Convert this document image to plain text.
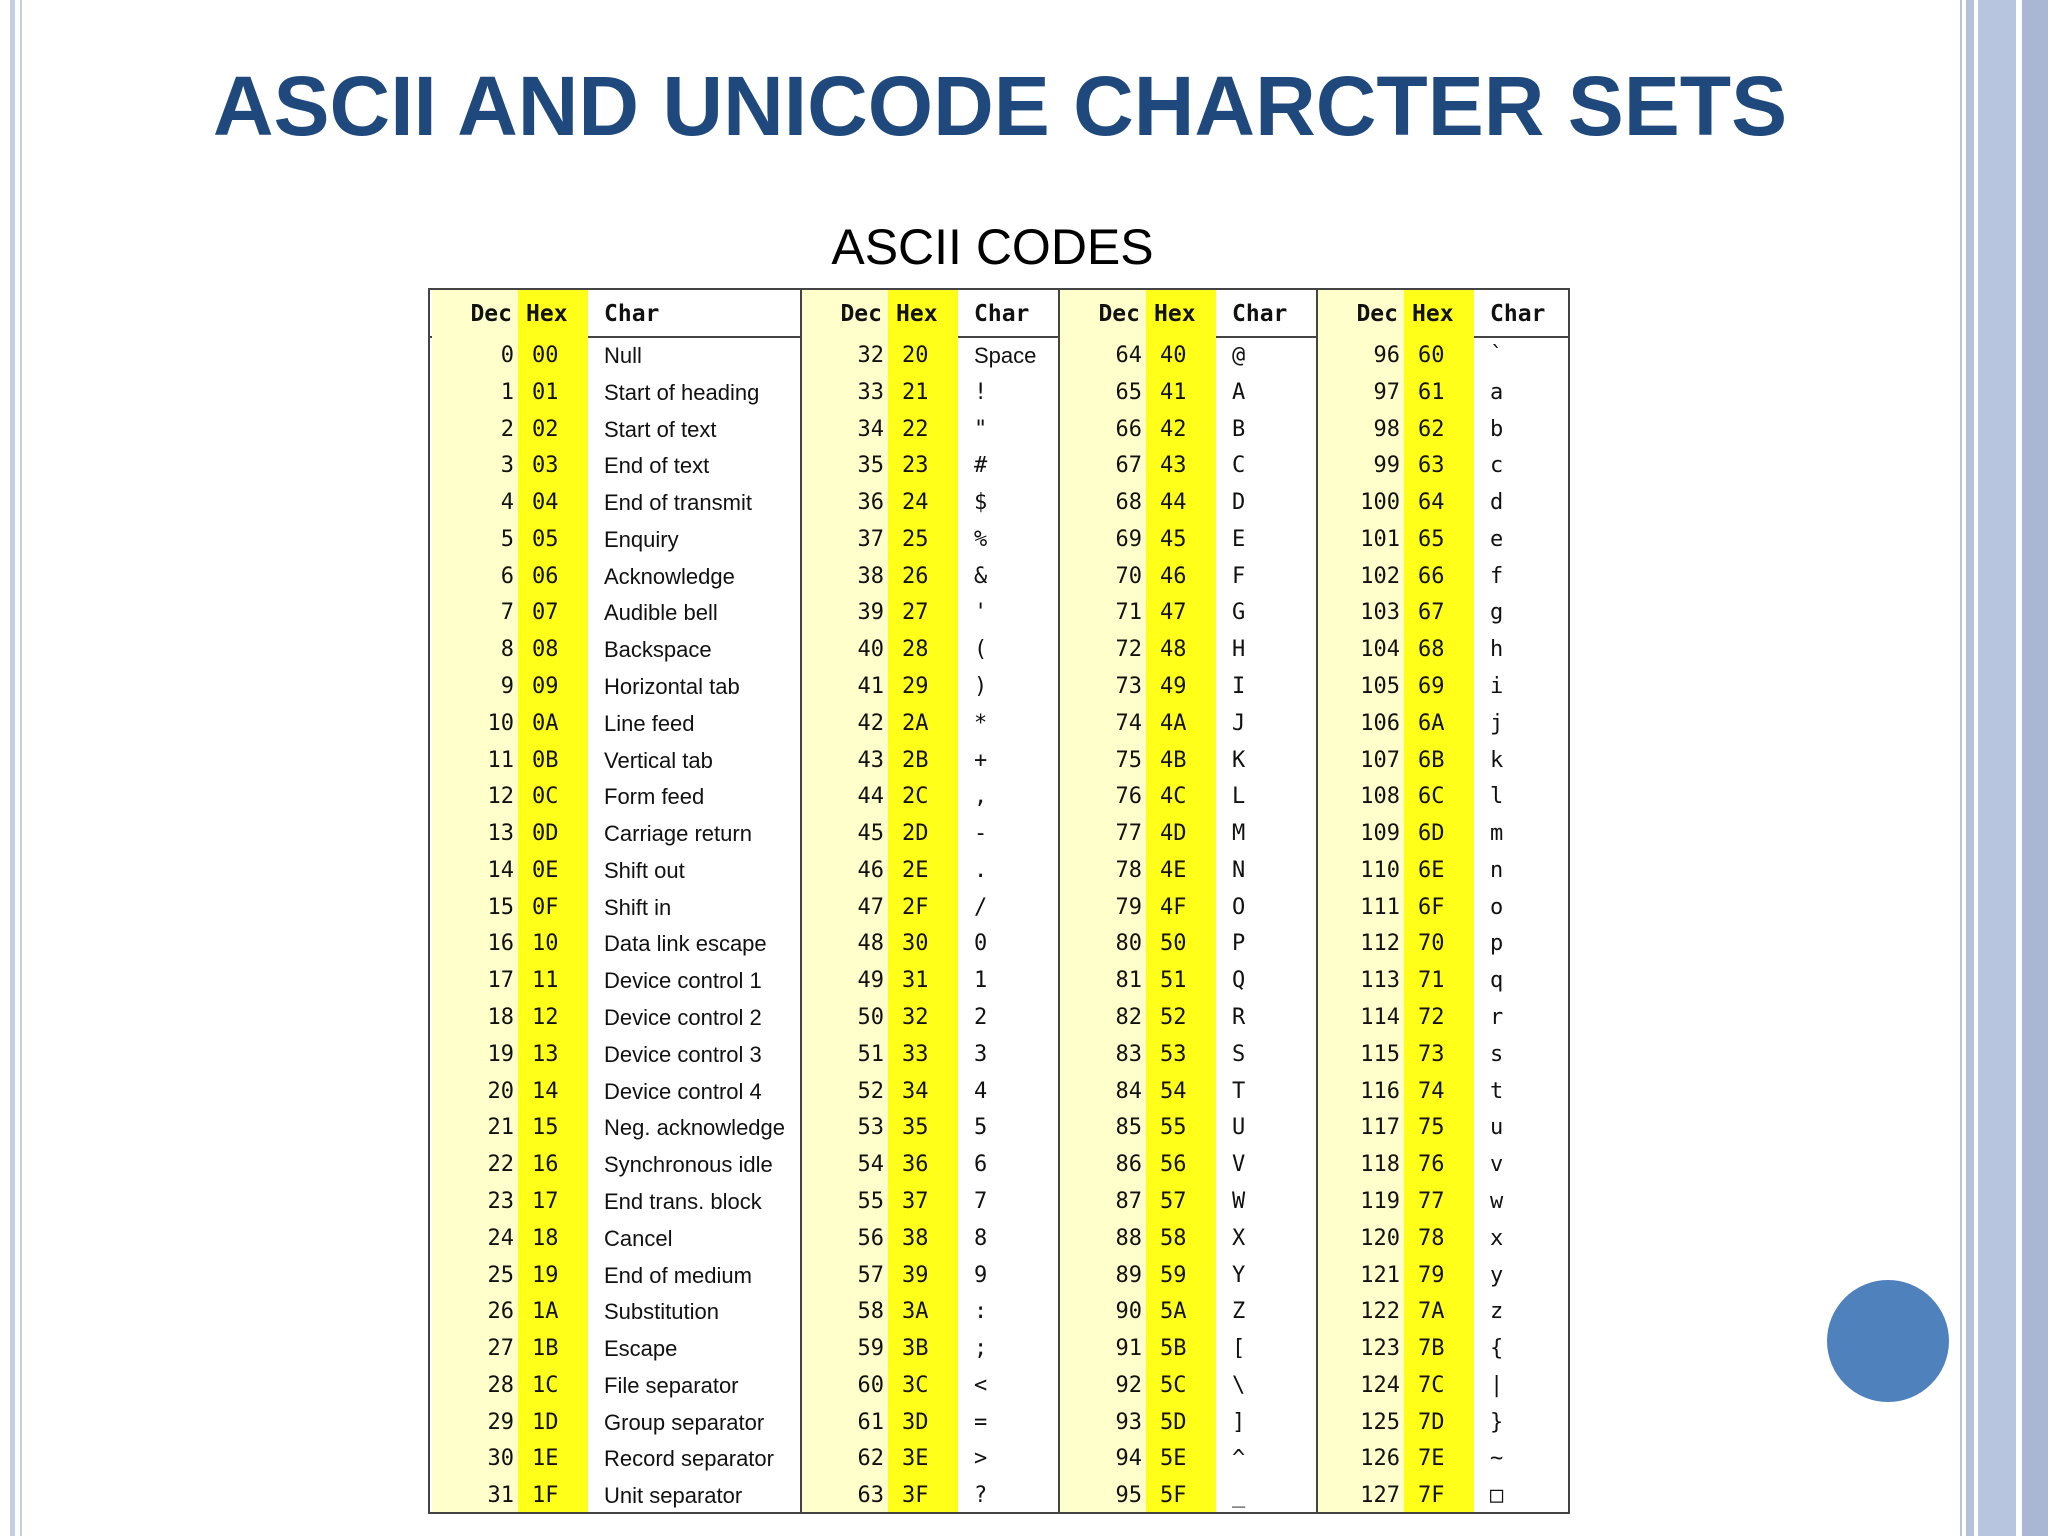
ASCII AND UNICODE CHARCTER SETS
ASCII CODES
Dec Hex	Char
0 00	Null
1 01	Start of heading
2 02	Start of text
3 03	End of text
4 04	End of transmit
5 05	Enquiry
6 06	Acknowledge
7 07	Audible bell
8 08	Backspace
9 09	Horizontal tab
10 0A	Line feed
11 0B	Vertical tab
12 0C	Form feed
13 0D	Carriage return
14 0E	Shift out
15 0F	Shift in
16 10	Data link escape
17 11	Device control 1
18 12	Device control 2
19 13	Device control 3
20 14	Device control 4
21 15	Neg. acknowledge
22 16	Synchronous idle
23 17	End trans. block
24 18	Cancel
25 19	End of medium
26 1A	Substitution
27 1B	Escape
28 1C	File separator
29 1D	Group separator
30 1E	Record separator
31 1F	Unit separator
Dec Hex	Char
32 20	Space
33 21	!
34 22	"
35 23	#
36 24	$
37 25	%
38 26	&
39 27	'
40 28	(
41 29	)
42 2A	*
43 2B	+
44 2C	,
45 2D	-
46 2E	.
47 2F	/
48 30	0
49 31	1
50 32	2
51 33	3
52 34	4
53 35	5
54 36	6
55 37	7
56 38	8
57 39	9
58 3A	:
59 3B	;
60 3C	<
61 3D	=
62 3E	>
63 3F	?
Dec Hex	Char
64 40	@
65 41	A
66 42	B
67 43	C
68 44	D
69 45	E
70 46	F
71 47	G
72 48	H
73 49	I
74 4A	J
75 4B	K
76 4C	L
77 4D	M
78 4E	N
79 4F	O
80 50	P
81 51	Q
82 52	R
83 53	S
84 54	T
85 55	U
86 56	V
87 57	W
88 58	X
89 59	Y
90 5A	Z
91 5B	[
92 5C	\
93 5D	]
94 5E	^
95 5F	_
Dec Hex	Char
96 60	`
97 61	a
98 62	b
99 63	c
100 64	d
101 65	e
102 66	f
103 67	g
104 68	h
105 69	i
106 6A	j
107 6B	k
108 6C	l
109 6D	m
110 6E	n
111 6F	o
112 70	p
113 71	q
114 72	r
115 73	s
116 74	t
117 75	u
118 76	v
119 77	w
120 78	x
121 79	y
122 7A	z
123 7B	{
124 7C	|
125 7D	}
126 7E	~
127 7F	□
